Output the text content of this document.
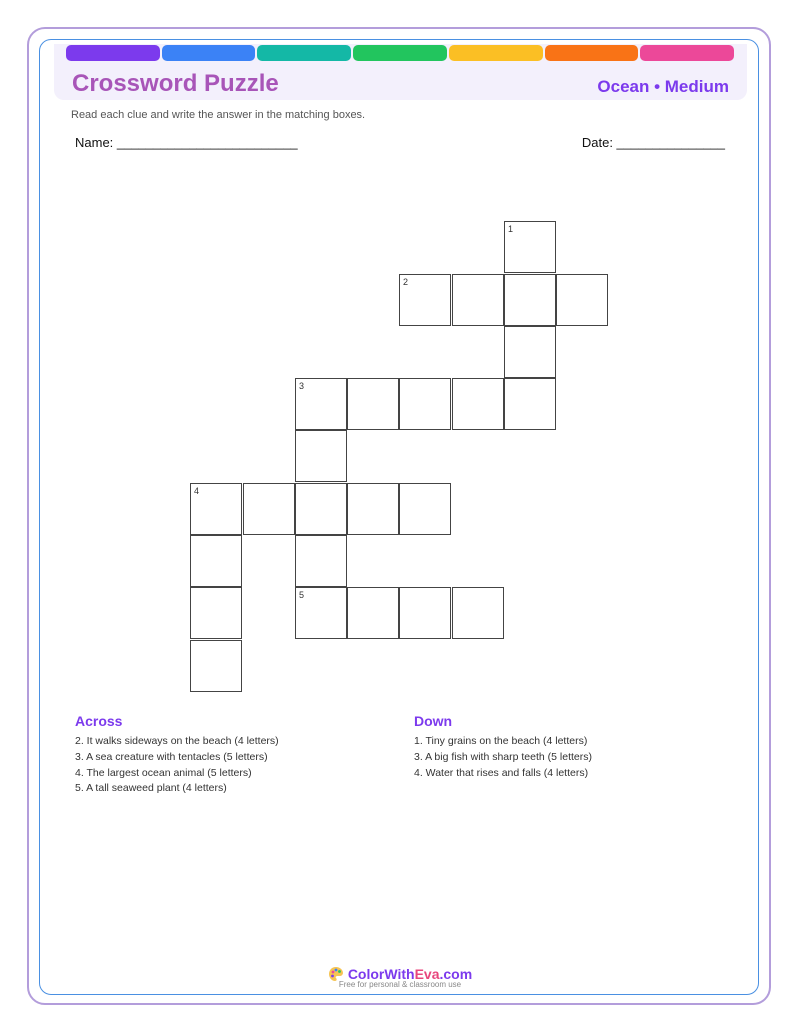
Crossword Puzzle	Ocean • Medium
Read each clue and write the answer in the matching boxes.
Name: _________________________	Date: _______________
1
2
3
4
5
Across
2. It walks sideways on the beach (4 letters)
3. A sea creature with tentacles (5 letters)
4. The largest ocean animal (5 letters)
5. A tall seaweed plant (4 letters)
Down
1. Tiny grains on the beach (4 letters)
3. A big fish with sharp teeth (5 letters)
4. Water that rises and falls (4 letters)
ColorWithEva.com
Free for personal & classroom use
